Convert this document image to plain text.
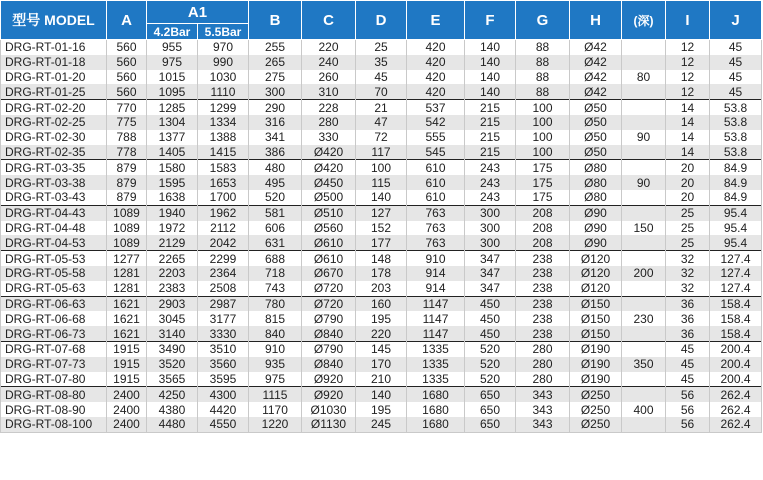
型号 MODEL	A	A1		B	C	D	E	F	G	H	(深)	I	J
		4.2Bar	5.5Bar										
DRG-RT-01-16	560	955	970	255	220	25	420	140	88	Ø42		12	45
DRG-RT-01-18	560	975	990	265	240	35	420	140	88	Ø42		12	45
DRG-RT-01-20	560	1015	1030	275	260	45	420	140	88	Ø42	80	12	45
DRG-RT-01-25	560	1095	1110	300	310	70	420	140	88	Ø42		12	45
DRG-RT-02-20	770	1285	1299	290	228	21	537	215	100	Ø50		14	53.8
DRG-RT-02-25	775	1304	1334	316	280	47	542	215	100	Ø50		14	53.8
DRG-RT-02-30	788	1377	1388	341	330	72	555	215	100	Ø50	90	14	53.8
DRG-RT-02-35	778	1405	1415	386	Ø420	117	545	215	100	Ø50		14	53.8
DRG-RT-03-35	879	1580	1583	480	Ø420	100	610	243	175	Ø80		20	84.9
DRG-RT-03-38	879	1595	1653	495	Ø450	115	610	243	175	Ø80	90	20	84.9
DRG-RT-03-43	879	1638	1700	520	Ø500	140	610	243	175	Ø80		20	84.9
DRG-RT-04-43	1089	1940	1962	581	Ø510	127	763	300	208	Ø90		25	95.4
DRG-RT-04-48	1089	1972	2112	606	Ø560	152	763	300	208	Ø90	150	25	95.4
DRG-RT-04-53	1089	2129	2042	631	Ø610	177	763	300	208	Ø90		25	95.4
DRG-RT-05-53	1277	2265	2299	688	Ø610	148	910	347	238	Ø120		32	127.4
DRG-RT-05-58	1281	2203	2364	718	Ø670	178	914	347	238	Ø120	200	32	127.4
DRG-RT-05-63	1281	2383	2508	743	Ø720	203	914	347	238	Ø120		32	127.4
DRG-RT-06-63	1621	2903	2987	780	Ø720	160	1147	450	238	Ø150		36	158.4
DRG-RT-06-68	1621	3045	3177	815	Ø790	195	1147	450	238	Ø150	230	36	158.4
DRG-RT-06-73	1621	3140	3330	840	Ø840	220	1147	450	238	Ø150		36	158.4
DRG-RT-07-68	1915	3490	3510	910	Ø790	145	1335	520	280	Ø190		45	200.4
DRG-RT-07-73	1915	3520	3560	935	Ø840	170	1335	520	280	Ø190	350	45	200.4
DRG-RT-07-80	1915	3565	3595	975	Ø920	210	1335	520	280	Ø190		45	200.4
DRG-RT-08-80	2400	4250	4300	1115	Ø920	140	1680	650	343	Ø250		56	262.4
DRG-RT-08-90	2400	4380	4420	1170	Ø1030	195	1680	650	343	Ø250	400	56	262.4
DRG-RT-08-100	2400	4480	4550	1220	Ø1130	245	1680	650	343	Ø250		56	262.4
